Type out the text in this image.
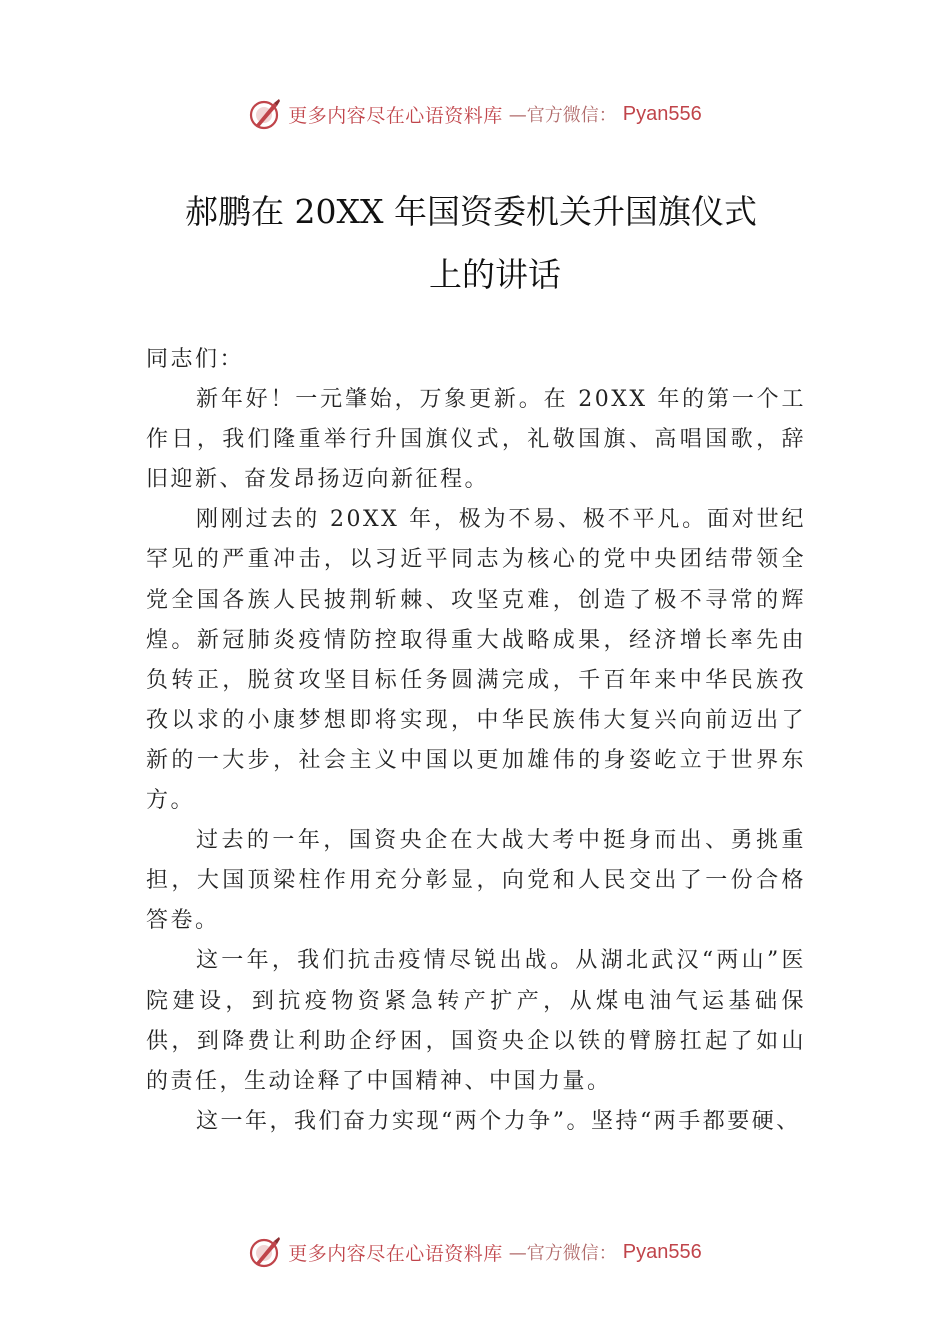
更多内容尽在心语资料库 —官方微信： Pyan556
郝鹏在 20XX 年国资委机关升国旗仪式
上的讲话

同志们：

新年好！一元肇始，万象更新。在 20XX 年的第一个工作日，我们隆重举行升国旗仪式，礼敬国旗、高唱国歌，辞 旧迎新、奋发昂扬迈向新征程。

刚刚过去的 20XX 年，极为不易、极不平凡。面对世纪罕见的严重冲击，以习近平同志为核心的党中央团结带领全党全国各族人民披荆斩棘、攻坚克难，创造了极不寻常的辉煌。新冠肺炎疫情防控取得重大战略成果，经济增长率先由负转正，脱贫攻坚目标任务圆满完成，千百年来中华民族孜孜以求的小康梦想即将实现，中华民族伟大复兴向前迈出了新的一大步，社会主义中国以更加雄伟的身姿屹立于世界东方。

过去的一年，国资央企在大战大考中挺身而出、勇挑重担，大国顶梁柱作用充分彰显，向党和人民交出了一份合格答卷。

这一年，我们抗击疫情尽锐出战。从湖北武汉“两山”医院建设，到抗疫物资紧急转产扩产，从煤电油气运基础保供，到降费让利助企纾困，国资央企以铁的臂膀扛起了如山的责任，生动诠释了中国精神、中国力量。

这一年，我们奋力实现“两个力争”。坚持“两手都要硬、

更多内容尽在心语资料库 —官方微信： Pyan556
